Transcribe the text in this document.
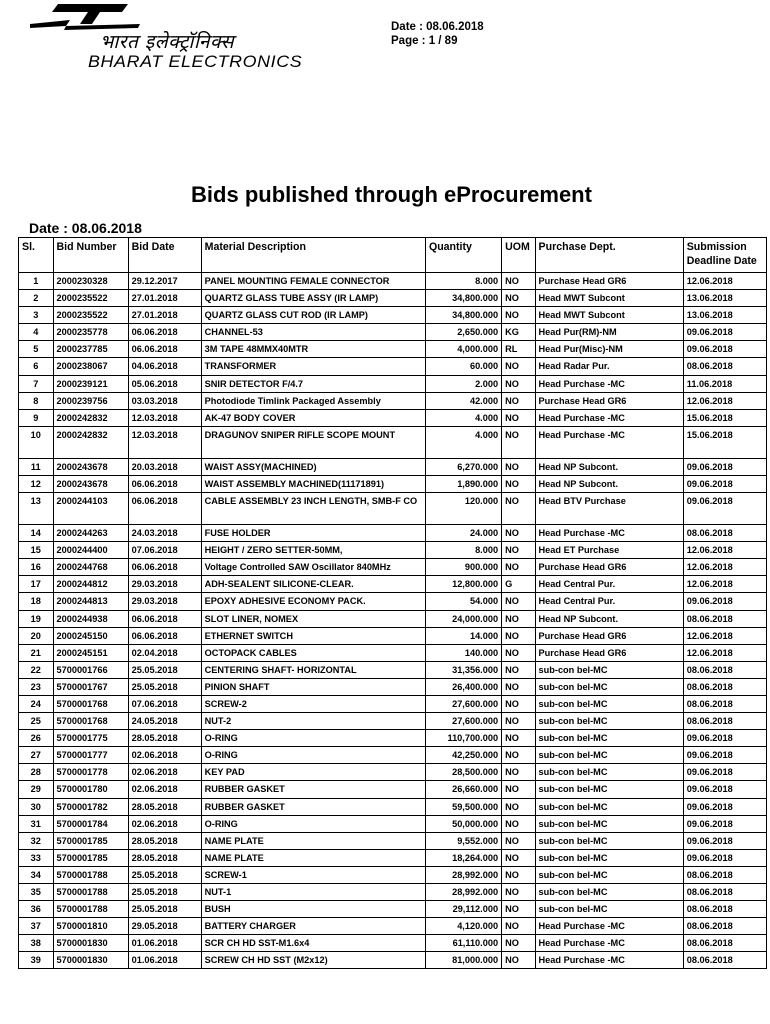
भारत इलेक्ट्रॉनिक्स
BHARAT ELECTRONICS
Date : 08.06.2018
Page : 1 / 89
Bids published through eProcurement
Date : 08.06.2018
Sl.	Bid Number	Bid Date	Material Description	Quantity	UOM	Purchase Dept.	Submission Deadline Date
1	2000230328	29.12.2017	PANEL MOUNTING FEMALE CONNECTOR	8.000	NO	Purchase Head GR6	12.06.2018
2	2000235522	27.01.2018	QUARTZ GLASS TUBE ASSY (IR LAMP)	34,800.000	NO	Head MWT Subcont	13.06.2018
3	2000235522	27.01.2018	QUARTZ GLASS CUT ROD (IR LAMP)	34,800.000	NO	Head MWT Subcont	13.06.2018
4	2000235778	06.06.2018	CHANNEL-53	2,650.000	KG	Head Pur(RM)-NM	09.06.2018
5	2000237785	06.06.2018	3M TAPE 48MMX40MTR	4,000.000	RL	Head Pur(Misc)-NM	09.06.2018
6	2000238067	04.06.2018	TRANSFORMER	60.000	NO	Head Radar Pur.	08.06.2018
7	2000239121	05.06.2018	SNIR DETECTOR F/4.7	2.000	NO	Head Purchase -MC	11.06.2018
8	2000239756	03.03.2018	Photodiode Timlink Packaged Assembly	42.000	NO	Purchase Head GR6	12.06.2018
9	2000242832	12.03.2018	AK-47 BODY COVER	4.000	NO	Head Purchase -MC	15.06.2018
10	2000242832	12.03.2018	DRAGUNOV SNIPER RIFLE SCOPE MOUNT	4.000	NO	Head Purchase -MC	15.06.2018
11	2000243678	20.03.2018	WAIST ASSY(MACHINED)	6,270.000	NO	Head NP Subcont.	09.06.2018
12	2000243678	06.06.2018	WAIST ASSEMBLY MACHINED(11171891)	1,890.000	NO	Head NP Subcont.	09.06.2018
13	2000244103	06.06.2018	CABLE ASSEMBLY 23 INCH LENGTH, SMB-F CO	120.000	NO	Head BTV Purchase	09.06.2018
14	2000244263	24.03.2018	FUSE HOLDER	24.000	NO	Head Purchase -MC	08.06.2018
15	2000244400	07.06.2018	HEIGHT / ZERO SETTER-50MM,	8.000	NO	Head ET Purchase	12.06.2018
16	2000244768	06.06.2018	Voltage Controlled SAW Oscillator 840MHz	900.000	NO	Purchase Head GR6	12.06.2018
17	2000244812	29.03.2018	ADH-SEALENT SILICONE-CLEAR.	12,800.000	G	Head Central Pur.	12.06.2018
18	2000244813	29.03.2018	EPOXY ADHESIVE ECONOMY PACK.	54.000	NO	Head Central Pur.	09.06.2018
19	2000244938	06.06.2018	SLOT LINER, NOMEX	24,000.000	NO	Head NP Subcont.	08.06.2018
20	2000245150	06.06.2018	ETHERNET SWITCH	14.000	NO	Purchase Head GR6	12.06.2018
21	2000245151	02.04.2018	OCTOPACK CABLES	140.000	NO	Purchase Head GR6	12.06.2018
22	5700001766	25.05.2018	CENTERING SHAFT- HORIZONTAL	31,356.000	NO	sub-con bel-MC	08.06.2018
23	5700001767	25.05.2018	PINION SHAFT	26,400.000	NO	sub-con bel-MC	08.06.2018
24	5700001768	07.06.2018	SCREW-2	27,600.000	NO	sub-con bel-MC	08.06.2018
25	5700001768	24.05.2018	NUT-2	27,600.000	NO	sub-con bel-MC	08.06.2018
26	5700001775	28.05.2018	O-RING	110,700.000	NO	sub-con bel-MC	09.06.2018
27	5700001777	02.06.2018	O-RING	42,250.000	NO	sub-con bel-MC	09.06.2018
28	5700001778	02.06.2018	KEY PAD	28,500.000	NO	sub-con bel-MC	09.06.2018
29	5700001780	02.06.2018	RUBBER GASKET	26,660.000	NO	sub-con bel-MC	09.06.2018
30	5700001782	28.05.2018	RUBBER GASKET	59,500.000	NO	sub-con bel-MC	09.06.2018
31	5700001784	02.06.2018	O-RING	50,000.000	NO	sub-con bel-MC	09.06.2018
32	5700001785	28.05.2018	NAME PLATE	9,552.000	NO	sub-con bel-MC	09.06.2018
33	5700001785	28.05.2018	NAME PLATE	18,264.000	NO	sub-con bel-MC	09.06.2018
34	5700001788	25.05.2018	SCREW-1	28,992.000	NO	sub-con bel-MC	08.06.2018
35	5700001788	25.05.2018	NUT-1	28,992.000	NO	sub-con bel-MC	08.06.2018
36	5700001788	25.05.2018	BUSH	29,112.000	NO	sub-con bel-MC	08.06.2018
37	5700001810	29.05.2018	BATTERY CHARGER	4,120.000	NO	Head Purchase -MC	08.06.2018
38	5700001830	01.06.2018	SCR CH HD SST-M1.6x4	61,110.000	NO	Head Purchase -MC	08.06.2018
39	5700001830	01.06.2018	SCREW CH HD SST (M2x12)	81,000.000	NO	Head Purchase -MC	08.06.2018
